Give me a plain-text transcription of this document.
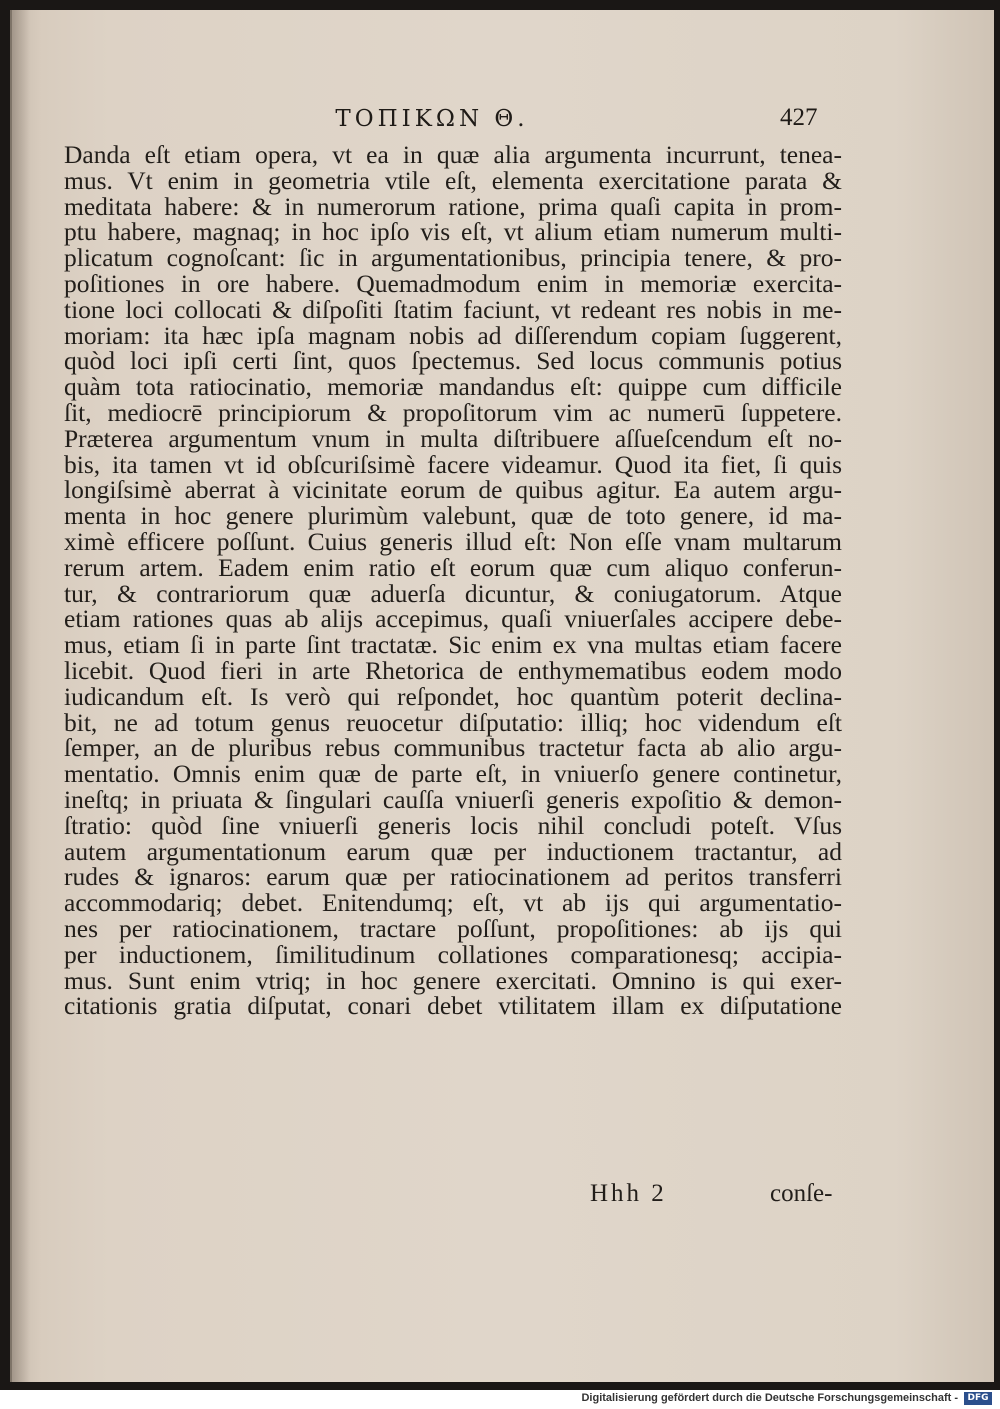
ΤΟΠΙΚΩΝ Θ.	427
Danda eſt etiam opera, vt ea in quæ alia argumenta incurrunt, tenea-
mus. Vt enim in geometria vtile eſt, elementa exercitatione parata &
meditata habere: & in numerorum ratione, prima quaſi capita in prom-
ptu habere, magnaq; in hoc ipſo vis eſt, vt alium etiam numerum multi-
plicatum cognoſcant: ſic in argumentationibus, principia tenere, & pro-
poſitiones in ore habere. Quemadmodum enim in memoriæ exercita-
tione loci collocati & diſpoſiti ſtatim faciunt, vt redeant res nobis in me-
moriam: ita hæc ipſa magnam nobis ad diſſerendum copiam ſuggerent,
quòd loci ipſi certi ſint, quos ſpectemus. Sed locus communis potius
quàm tota ratiocinatio, memoriæ mandandus eſt: quippe cum difficile
ſit, mediocrē principiorum & propoſitorum vim ac numerū ſuppetere.
Præterea argumentum vnum in multa diſtribuere aſſueſcendum eſt no-
bis, ita tamen vt id obſcuriſsimè facere videamur. Quod ita fiet, ſi quis
longiſsimè aberrat à vicinitate eorum de quibus agitur. Ea autem argu-
menta in hoc genere plurimùm valebunt, quæ de toto genere, id ma-
ximè efficere poſſunt. Cuius generis illud eſt: Non eſſe vnam multarum
rerum artem. Eadem enim ratio eſt eorum quæ cum aliquo conferun-
tur, & contrariorum quæ aduerſa dicuntur, & coniugatorum. Atque
etiam rationes quas ab alijs accepimus, quaſi vniuerſales accipere debe-
mus, etiam ſi in parte ſint tractatæ. Sic enim ex vna multas etiam facere
licebit. Quod fieri in arte Rhetorica de enthymematibus eodem modo
iudicandum eſt. Is verò qui reſpondet, hoc quantùm poterit declina-
bit, ne ad totum genus reuocetur diſputatio: illiq; hoc videndum eſt
ſemper, an de pluribus rebus communibus tractetur facta ab alio argu-
mentatio. Omnis enim quæ de parte eſt, in vniuerſo genere continetur,
ineſtq; in priuata & ſingulari cauſſa vniuerſi generis expoſitio & demon-
ſtratio: quòd ſine vniuerſi generis locis nihil concludi poteſt. Vſus
autem argumentationum earum quæ per inductionem tractantur, ad
rudes & ignaros: earum quæ per ratiocinationem ad peritos transferri
accommodariq; debet. Enitendumq; eſt, vt ab ijs qui argumentatio-
nes per ratiocinationem, tractare poſſunt, propoſitiones: ab ijs qui
per inductionem, ſimilitudinum collationes comparationesq; accipia-
mus. Sunt enim vtriq; in hoc genere exercitati. Omnino is qui exer-
citationis gratia diſputat, conari debet vtilitatem illam ex diſputatione
Hhh 2	conſe-
Digitalisierung gefördert durch die Deutsche Forschungsgemeinschaft -	DFG
